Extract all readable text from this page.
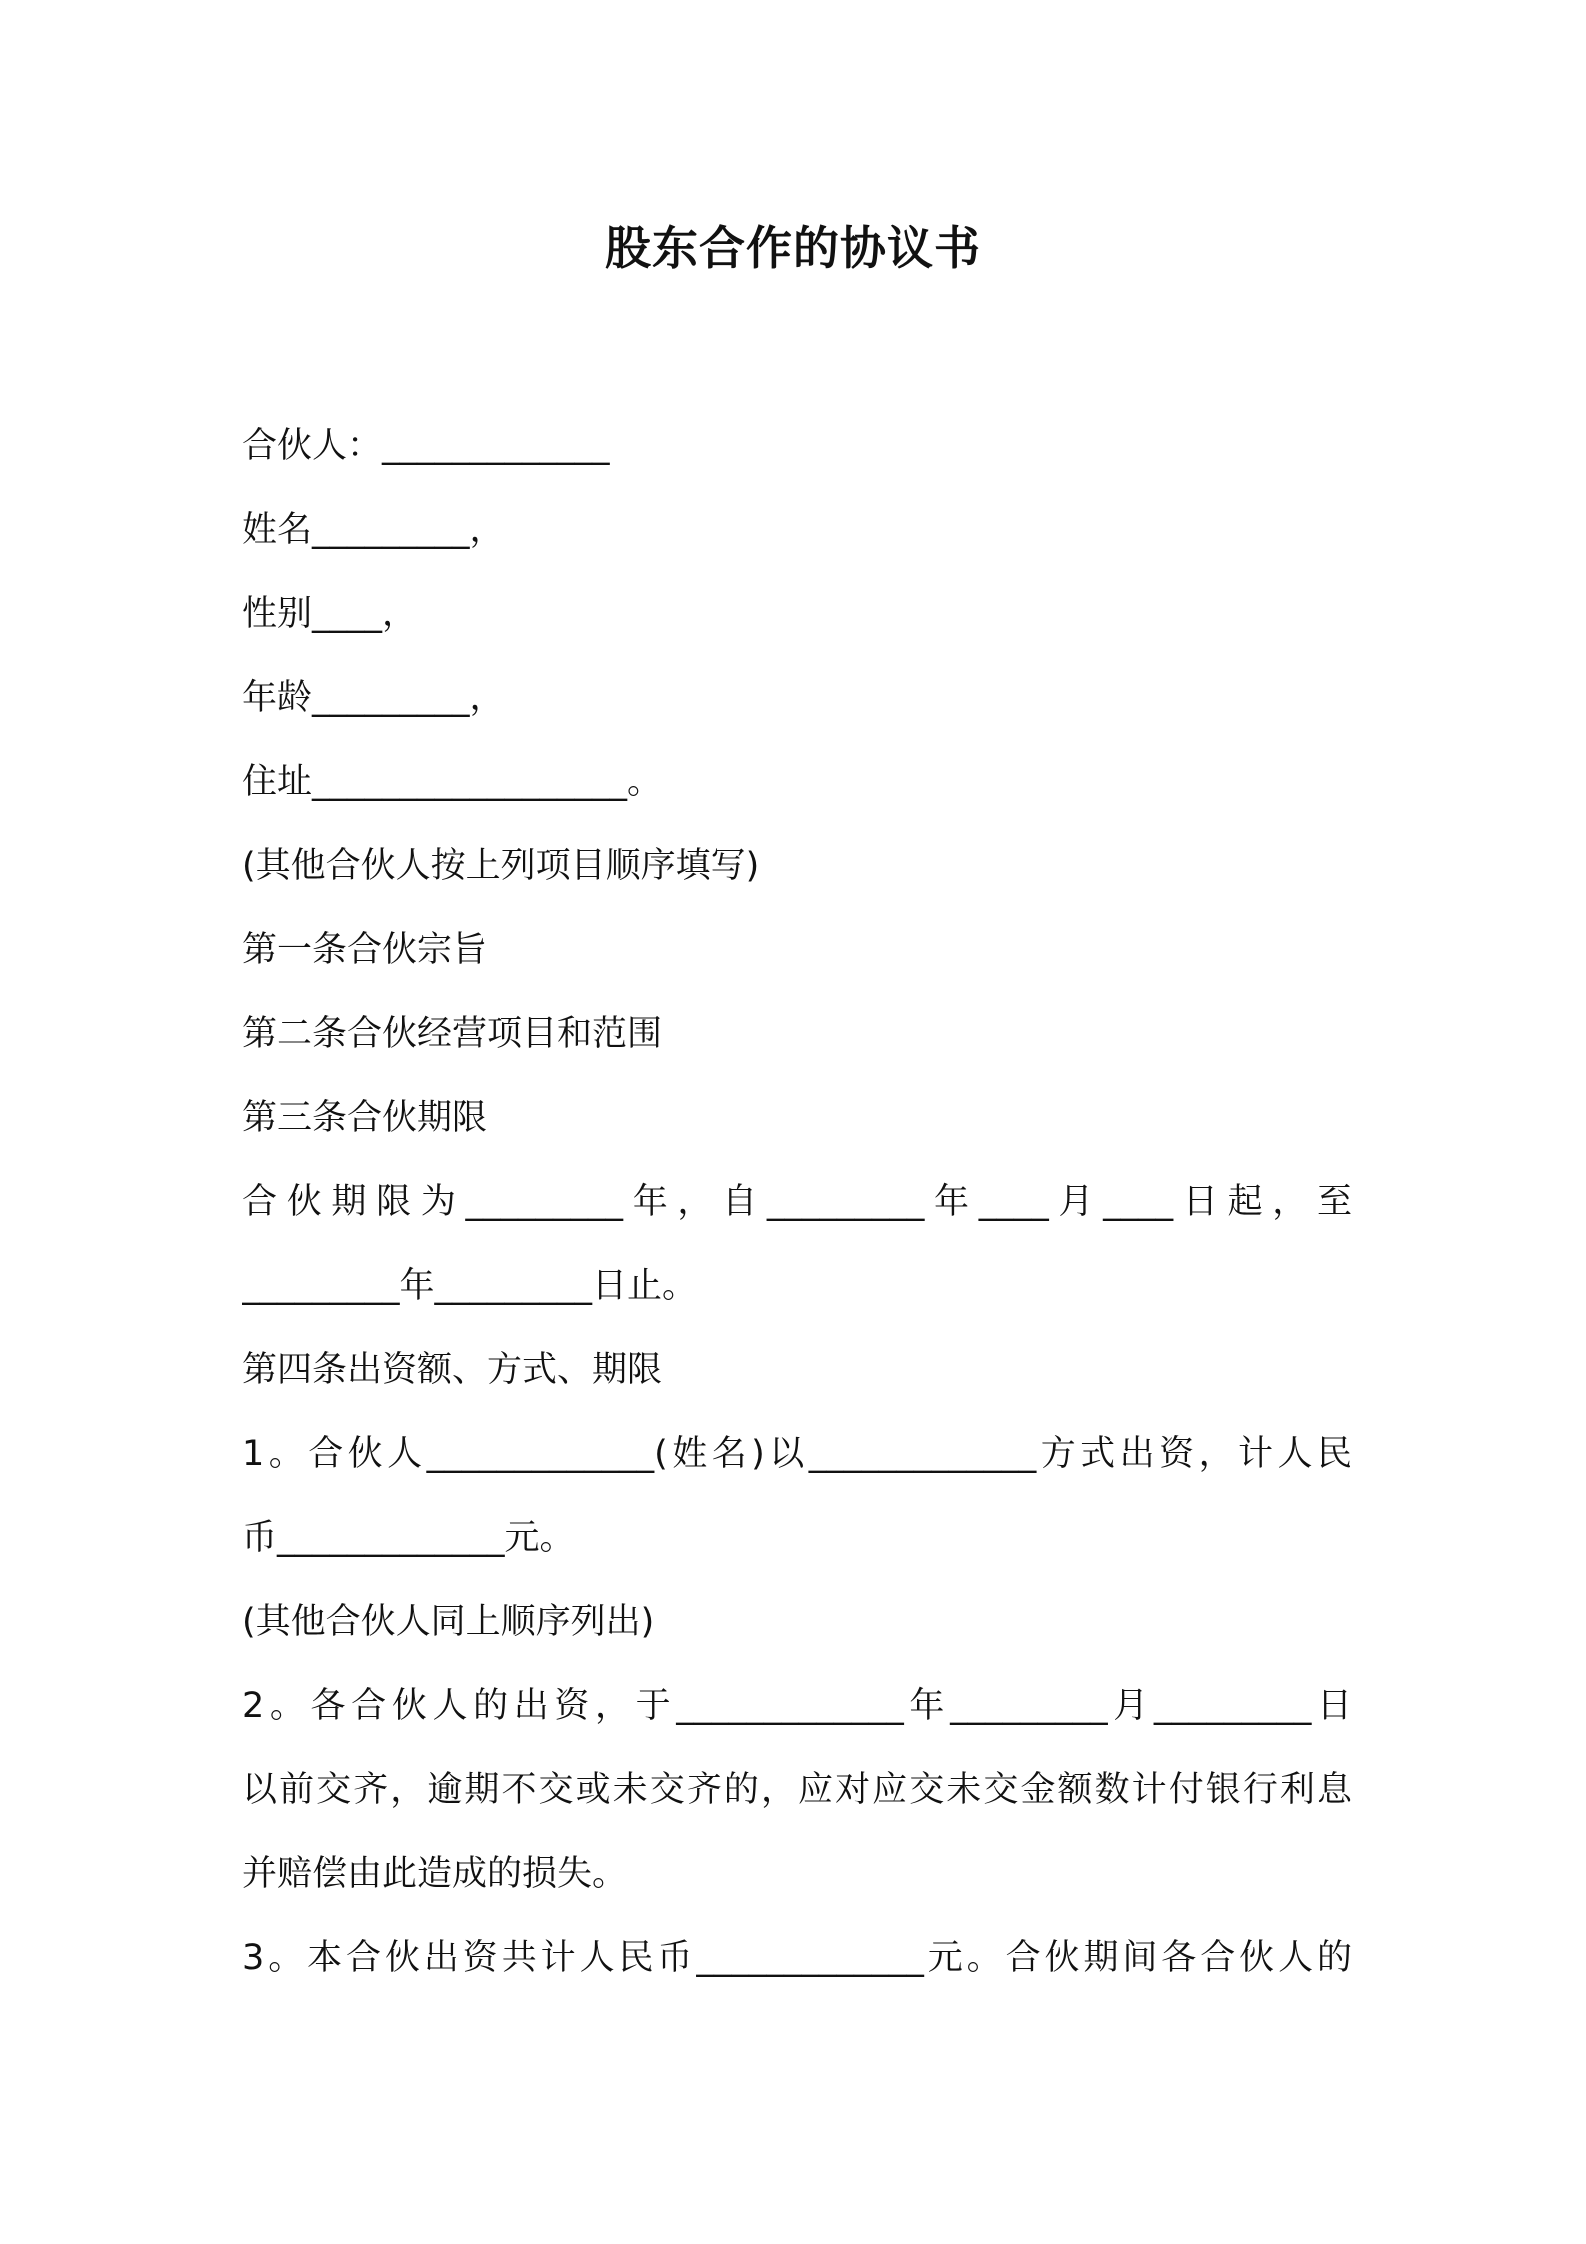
股东合作的协议书
合伙人：_____________
姓名_________，
性别____，
年龄_________，
住址__________________。
(其他合伙人按上列项目顺序填写)
第一条合伙宗旨
第二条合伙经营项目和范围
第三条合伙期限
合伙期限为_________年，自_________年____月____日起，至
_________年_________日止。
第四条出资额、方式、期限
1。合伙人_____________(姓名)以_____________方式出资，计人民
币_____________元。
(其他合伙人同上顺序列出)
2。各合伙人的出资，于_____________年_________月_________日
以前交齐，逾期不交或未交齐的，应对应交未交金额数计付银行利息
并赔偿由此造成的损失。
3。本合伙出资共计人民币_____________元。合伙期间各合伙人的
